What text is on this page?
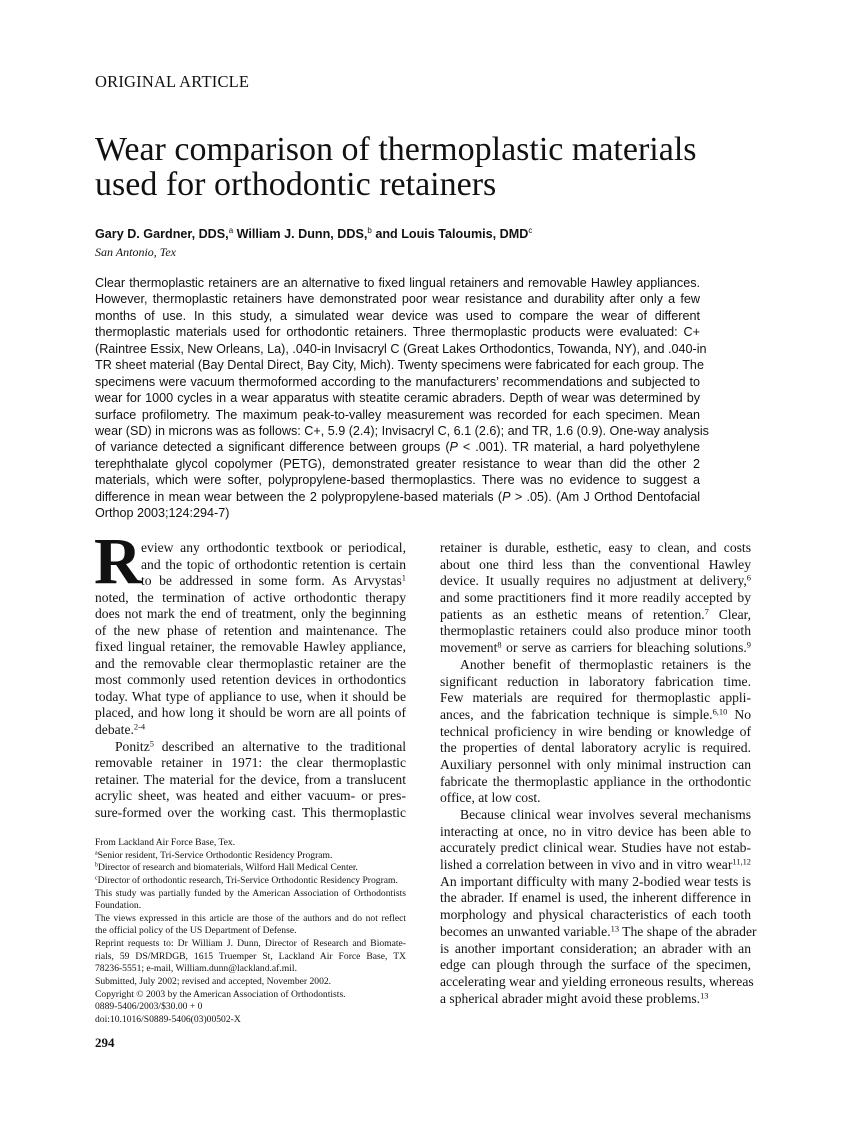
ORIGINAL ARTICLE
Wear comparison of thermoplastic materials
used for orthodontic retainers
Gary D. Gardner, DDS,$^a$ William J. Dunn, DDS,$^b$ and Louis Taloumis, DMD$^c$
San Antonio, Tex
Clear thermoplastic retainers are an alternative to fixed lingual retainers and removable Hawley appliances.
However, thermoplastic retainers have demonstrated poor wear resistance and durability after only a few
months of use. In this study, a simulated wear device was used to compare the wear of different
thermoplastic materials used for orthodontic retainers. Three thermoplastic products were evaluated: C+
(Raintree Essix, New Orleans, La), .040-in Invisacryl C (Great Lakes Orthodontics, Towanda, NY), and .040-in
TR sheet material (Bay Dental Direct, Bay City, Mich). Twenty specimens were fabricated for each group. The
specimens were vacuum thermoformed according to the manufacturers’ recommendations and subjected to
wear for 1000 cycles in a wear apparatus with steatite ceramic abraders. Depth of wear was determined by
surface profilometry. The maximum peak-to-valley measurement was recorded for each specimen. Mean
wear (SD) in microns was as follows: C+, 5.9 (2.4); Invisacryl C, 6.1 (2.6); and TR, 1.6 (0.9). One-way analysis
of variance detected a significant difference between groups (P < .001). TR material, a hard polyethylene
terephthalate glycol copolymer (PETG), demonstrated greater resistance to wear than did the other 2
materials, which were softer, polypropylene-based thermoplastics. There was no evidence to suggest a
difference in mean wear between the 2 polypropylene-based materials (P > .05). (Am J Orthod Dentofacial
Orthop 2003;124:294-7)
R eview any orthodontic textbook or periodical,
and the topic of orthodontic retention is certain
to be addressed in some form. As Arvystas$^1$
noted, the termination of active orthodontic therapy
does not mark the end of treatment, only the beginning
of the new phase of retention and maintenance. The
fixed lingual retainer, the removable Hawley appliance,
and the removable clear thermoplastic retainer are the
most commonly used retention devices in orthodontics
today. What type of appliance to use, when it should be
placed, and how long it should be worn are all points of
debate.$^{2-4}$
Ponitz$^5$ described an alternative to the traditional
removable retainer in 1971: the clear thermoplastic
retainer. The material for the device, from a translucent
acrylic sheet, was heated and either vacuum- or pres-
sure-formed over the working cast. This thermoplastic
From Lackland Air Force Base, Tex.
$^a$Senior resident, Tri-Service Orthodontic Residency Program.
$^b$Director of research and biomaterials, Wilford Hall Medical Center.
$^c$Director of orthodontic research, Tri-Service Orthodontic Residency Program.
This study was partially funded by the American Association of Orthodontists
Foundation.
The views expressed in this article are those of the authors and do not reflect
the official policy of the US Department of Defense.
Reprint requests to: Dr William J. Dunn, Director of Research and Biomate-
rials, 59 DS/MRDGB, 1615 Truemper St, Lackland Air Force Base, TX
78236-5551; e-mail, William.dunn@lackland.af.mil.
Submitted, July 2002; revised and accepted, November 2002.
Copyright © 2003 by the American Association of Orthodontists.
0889-5406/2003/$30.00 + 0
doi:10.1016/S0889-5406(03)00502-X
retainer is durable, esthetic, easy to clean, and costs
about one third less than the conventional Hawley
device. It usually requires no adjustment at delivery,$^6$
and some practitioners find it more readily accepted by
patients as an esthetic means of retention.$^7$ Clear,
thermoplastic retainers could also produce minor tooth
movement$^8$ or serve as carriers for bleaching solutions.$^9$
Another benefit of thermoplastic retainers is the
significant reduction in laboratory fabrication time.
Few materials are required for thermoplastic appli-
ances, and the fabrication technique is simple.$^{6,10}$ No
technical proficiency in wire bending or knowledge of
the properties of dental laboratory acrylic is required.
Auxiliary personnel with only minimal instruction can
fabricate the thermoplastic appliance in the orthodontic
office, at low cost.
Because clinical wear involves several mechanisms
interacting at once, no in vitro device has been able to
accurately predict clinical wear. Studies have not estab-
lished a correlation between in vivo and in vitro wear$^{11,12}$
An important difficulty with many 2-bodied wear tests is
the abrader. If enamel is used, the inherent difference in
morphology and physical characteristics of each tooth
becomes an unwanted variable.$^{13}$ The shape of the abrader
is another important consideration; an abrader with an
edge can plough through the surface of the specimen,
accelerating wear and yielding erroneous results, whereas
a spherical abrader might avoid these problems.$^{13}$
294
